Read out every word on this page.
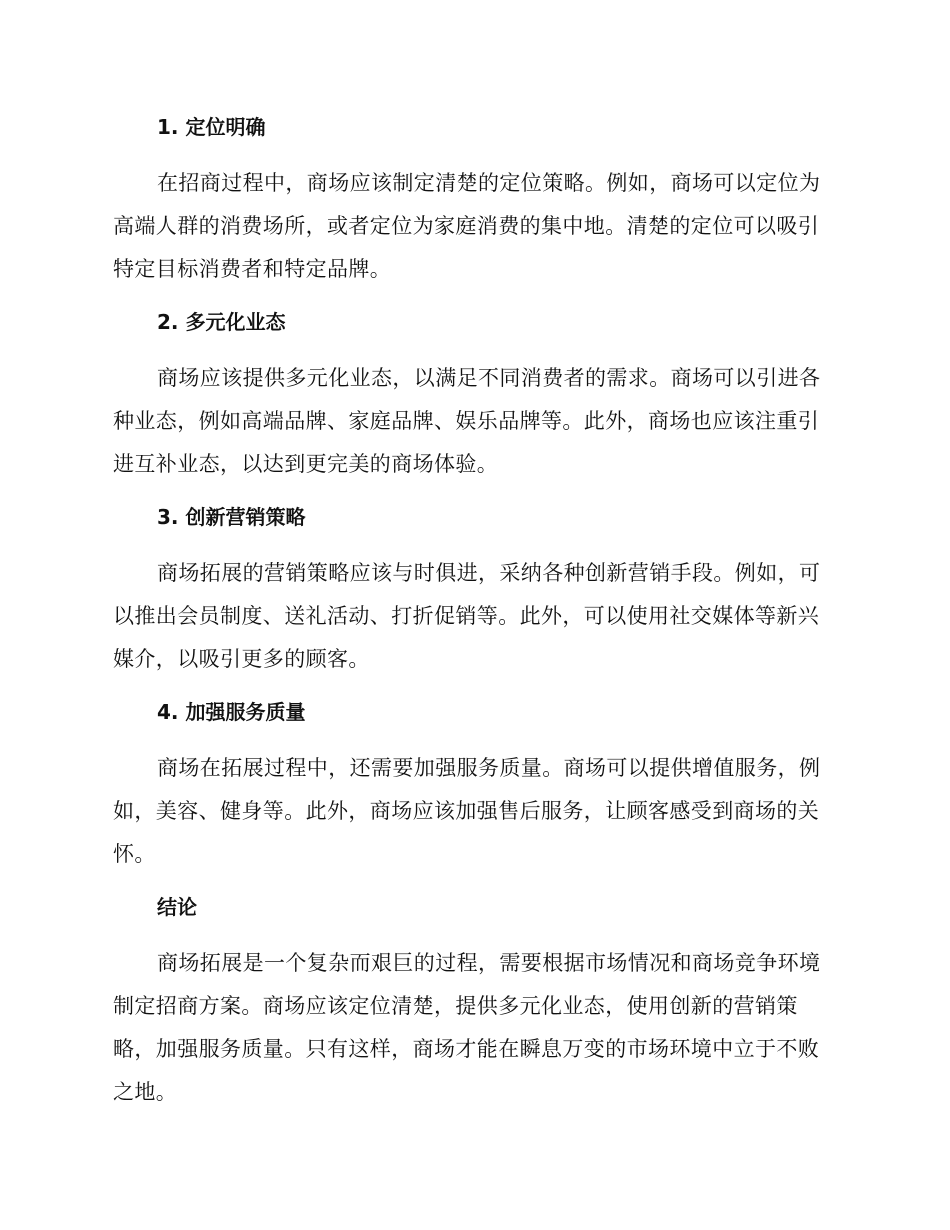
1. 定位明确

在招商过程中，商场应该制定清楚的定位策略。例如，商场可以定位为
高端人群的消费场所，或者定位为家庭消费的集中地。清楚的定位可以吸引
特定目标消费者和特定品牌。

2. 多元化业态

商场应该提供多元化业态，以满足不同消费者的需求。商场可以引进各
种业态，例如高端品牌、家庭品牌、娱乐品牌等。此外，商场也应该注重引
进互补业态，以达到更完美的商场体验。

3. 创新营销策略

商场拓展的营销策略应该与时俱进，采纳各种创新营销手段。例如，可
以推出会员制度、送礼活动、打折促销等。此外，可以使用社交媒体等新兴
媒介，以吸引更多的顾客。

4. 加强服务质量

商场在拓展过程中，还需要加强服务质量。商场可以提供增值服务，例
如，美容、健身等。此外，商场应该加强售后服务，让顾客感受到商场的关
怀。

结论

商场拓展是一个复杂而艰巨的过程，需要根据市场情况和商场竞争环境
制定招商方案。商场应该定位清楚，提供多元化业态，使用创新的营销策
略，加强服务质量。只有这样，商场才能在瞬息万变的市场环境中立于不败
之地。
